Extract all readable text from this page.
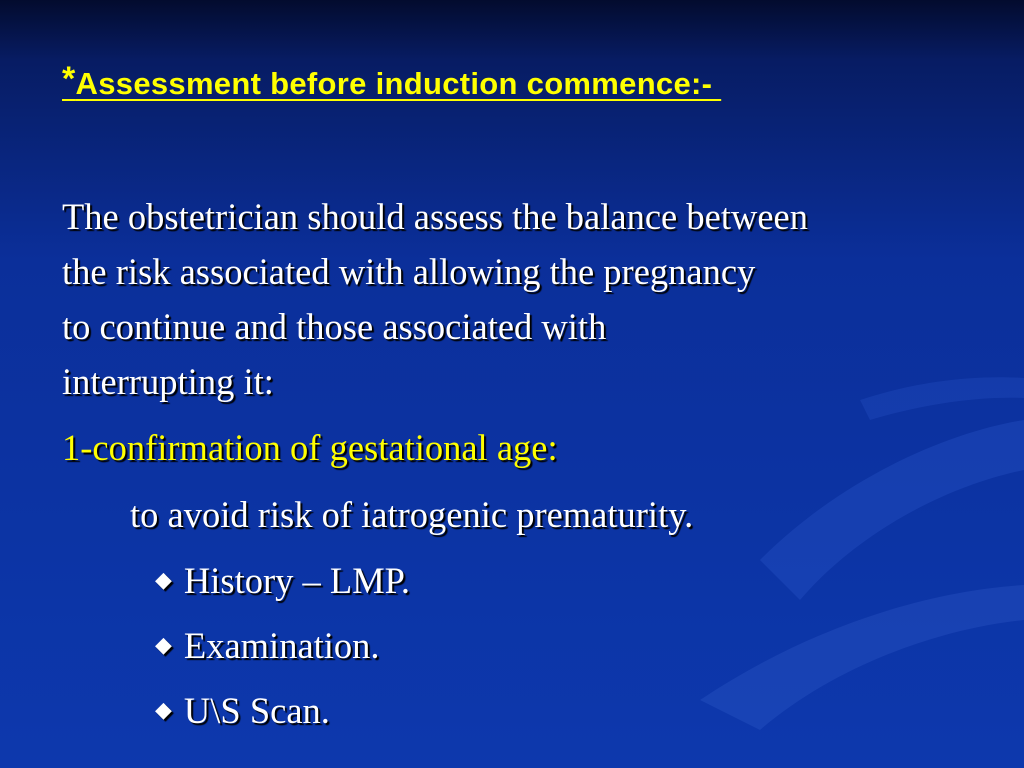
*Assessment before induction commence:-
The obstetrician should assess the balance between
the risk associated with allowing the pregnancy
to continue and those associated with
interrupting it:
1-confirmation of gestational age:
to avoid risk of iatrogenic prematurity.
◆ History – LMP.
◆ Examination.
◆ U\S Scan.
